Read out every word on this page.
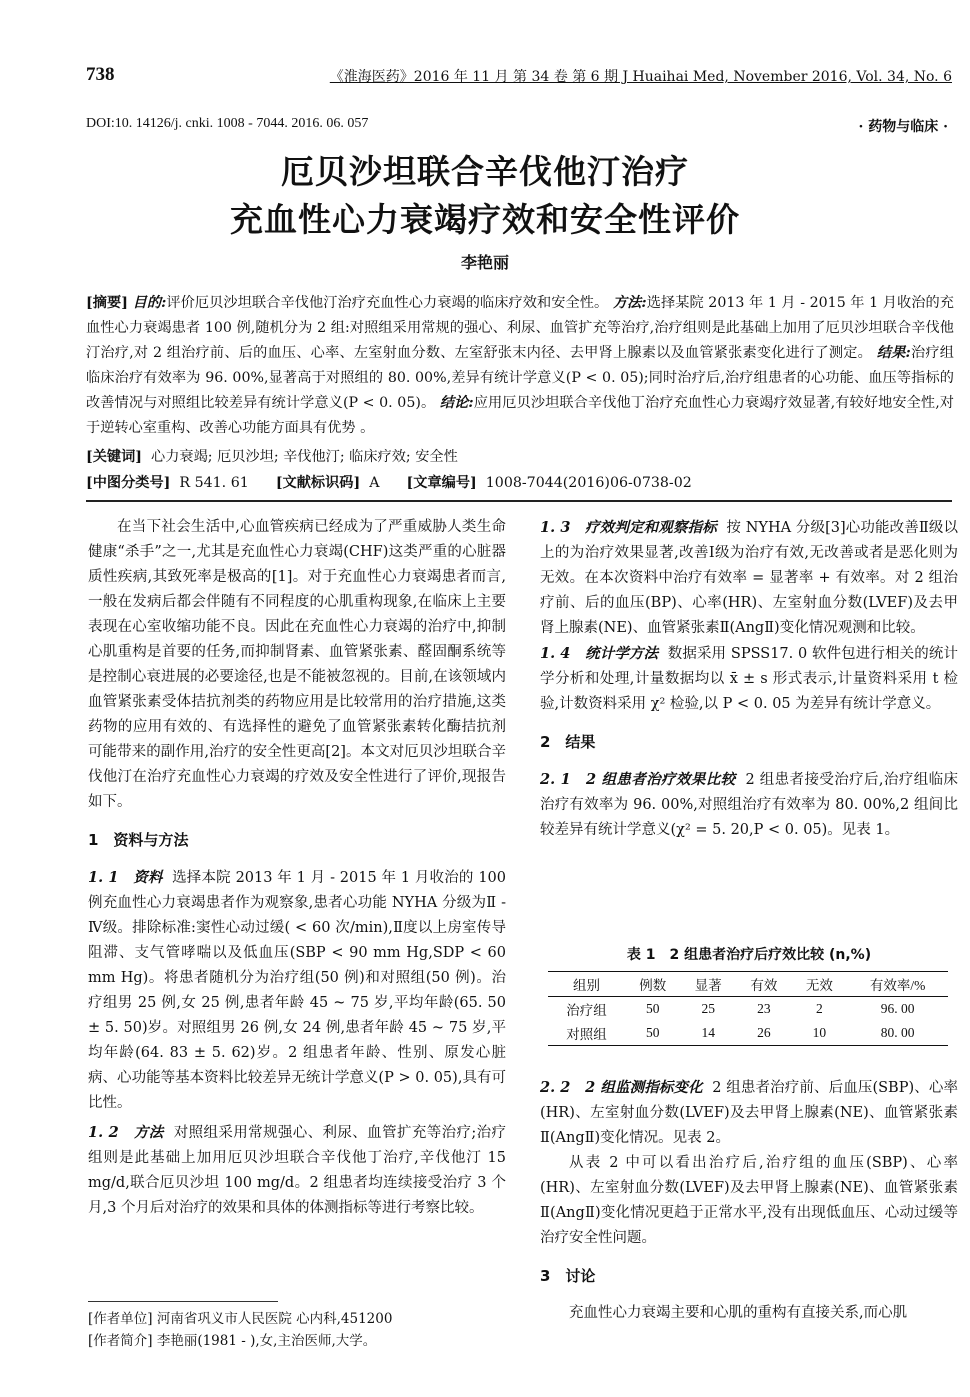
738	《淮海医药》2016 年 11 月 第 34 卷 第 6 期 J Huaihai Med, November 2016, Vol. 34, No. 6
DOI:10. 14126/j. cnki. 1008 - 7044. 2016. 06. 057	· 药物与临床 ·
厄贝沙坦联合辛伐他汀治疗
充血性心力衰竭疗效和安全性评价
李艳丽
[摘要] 目的:评价厄贝沙坦联合辛伐他汀治疗充血性心力衰竭的临床疗效和安全性。 方法:选择某院 2013 年 1 月 - 2015 年 1 月收治的充血性心力衰竭患者 100 例,随机分为 2 组:对照组采用常规的强心、利尿、血管扩充等治疗,治疗组则是此基础上加用了厄贝沙坦联合辛伐他汀治疗,对 2 组治疗前、后的血压、心率、左室射血分数、左室舒张末内径、去甲肾上腺素以及血管紧张素变化进行了测定。 结果:治疗组临床治疗有效率为 96. 00%,显著高于对照组的 80. 00%,差异有统计学意义(P < 0. 05);同时治疗后,治疗组患者的心功能、血压等指标的改善情况与对照组比较差异有统计学意义(P < 0. 05)。 结论:应用厄贝沙坦联合辛伐他丁治疗充血性心力衰竭疗效显著,有较好地安全性,对于逆转心室重构、改善心功能方面具有优势 。
[关键词] 心力衰竭; 厄贝沙坦; 辛伐他汀; 临床疗效; 安全性
[中图分类号] R 541. 61 [文献标识码] A [文章编号] 1008-7044(2016)06-0738-02

在当下社会生活中,心血管疾病已经成为了严重威胁人类生命健康“杀手”之一,尤其是充血性心力衰竭(CHF)这类严重的心脏器质性疾病,其致死率是极高的[1]。对于充血性心力衰竭患者而言,一般在发病后都会伴随有不同程度的心肌重构现象,在临床上主要表现在心室收缩功能不良。因此在充血性心力衰竭的治疗中,抑制心肌重构是首要的任务,而抑制肾素、血管紧张素、醛固酮系统等是控制心衰进展的必要途径,也是不能被忽视的。目前,在该领域内血管紧张素受体拮抗剂类的药物应用是比较常用的治疗措施,这类药物的应用有效的、有选择性的避免了血管紧张素转化酶拮抗剂可能带来的副作用,治疗的安全性更高[2]。本文对厄贝沙坦联合辛伐他汀在治疗充血性心力衰竭的疗效及安全性进行了评价,现报告如下。

1　资料与方法

1. 1　资料 选择本院 2013 年 1 月 - 2015 年 1 月收治的 100 例充血性心力衰竭患者作为观察象,患者心功能 NYHA 分级为Ⅱ - Ⅳ级。排除标准:窦性心动过缓( < 60 次/min),Ⅱ度以上房室传导阻滞、支气管哮喘以及低血压(SBP < 90 mm Hg,SDP < 60 mm Hg)。将患者随机分为治疗组(50 例)和对照组(50 例)。治疗组男 25 例,女 25 例,患者年龄 45 ~ 75 岁,平均年龄(65. 50 ± 5. 50)岁。对照组男 26 例,女 24 例,患者年龄 45 ~ 75 岁,平均年龄(64. 83 ± 5. 62)岁。2 组患者年龄、性别、原发心脏病、心功能等基本资料比较差异无统计学意义(P > 0. 05),具有可比性。

1. 2　方法 对照组采用常规强心、利尿、血管扩充等治疗;治疗组则是此基础上加用厄贝沙坦联合辛伐他丁治疗,辛伐他汀 15 mg/d,联合厄贝沙坦 100 mg/d。2 组患者均连续接受治疗 3 个月,3 个月后对治疗的效果和具体的体测指标等进行考察比较。

1. 3　疗效判定和观察指标 按 NYHA 分级[3]心功能改善Ⅱ级以上的为治疗效果显著,改善Ⅰ级为治疗有效,无改善或者是恶化则为无效。在本次资料中治疗有效率 = 显著率 + 有效率。对 2 组治疗前、后的血压(BP)、心率(HR)、左室射血分数(LVEF)及去甲肾上腺素(NE)、血管紧张素Ⅱ(AngⅡ)变化情况观测和比较。

1. 4　统计学方法 数据采用 SPSS17. 0 软件包进行相关的统计学分析和处理,计量数据均以 x̄ ± s 形式表示,计量资料采用 t 检验,计数资料采用 χ² 检验,以 P < 0. 05 为差异有统计学意义。

2　结果

2. 1　2 组患者治疗效果比较 2 组患者接受治疗后,治疗组临床治疗有效率为 96. 00%,对照组治疗有效率为 80. 00%,2 组间比较差异有统计学意义(χ² = 5. 20,P < 0. 05)。见表 1。

表 1　2 组患者治疗后疗效比较 (n,%)
组别	例数	显著	有效	无效	有效率/%
治疗组	50	25	23	2	96. 00
对照组	50	14	26	10	80. 00

2. 2　2 组监测指标变化 2 组患者治疗前、后血压(SBP)、心率(HR)、左室射血分数(LVEF)及去甲肾上腺素(NE)、血管紧张素Ⅱ(AngⅡ)变化情况。见表 2。

从表 2 中可以看出治疗后,治疗组的血压(SBP)、心率(HR)、左室射血分数(LVEF)及去甲肾上腺素(NE)、血管紧张素Ⅱ(AngⅡ)变化情况更趋于正常水平,没有出现低血压、心动过缓等治疗安全性问题。

3　讨论

充血性心力衰竭主要和心肌的重构有直接关系,而心肌

[作者单位] 河南省巩义市人民医院 心内科,451200
[作者简介] 李艳丽(1981 - ),女,主治医师,大学。
